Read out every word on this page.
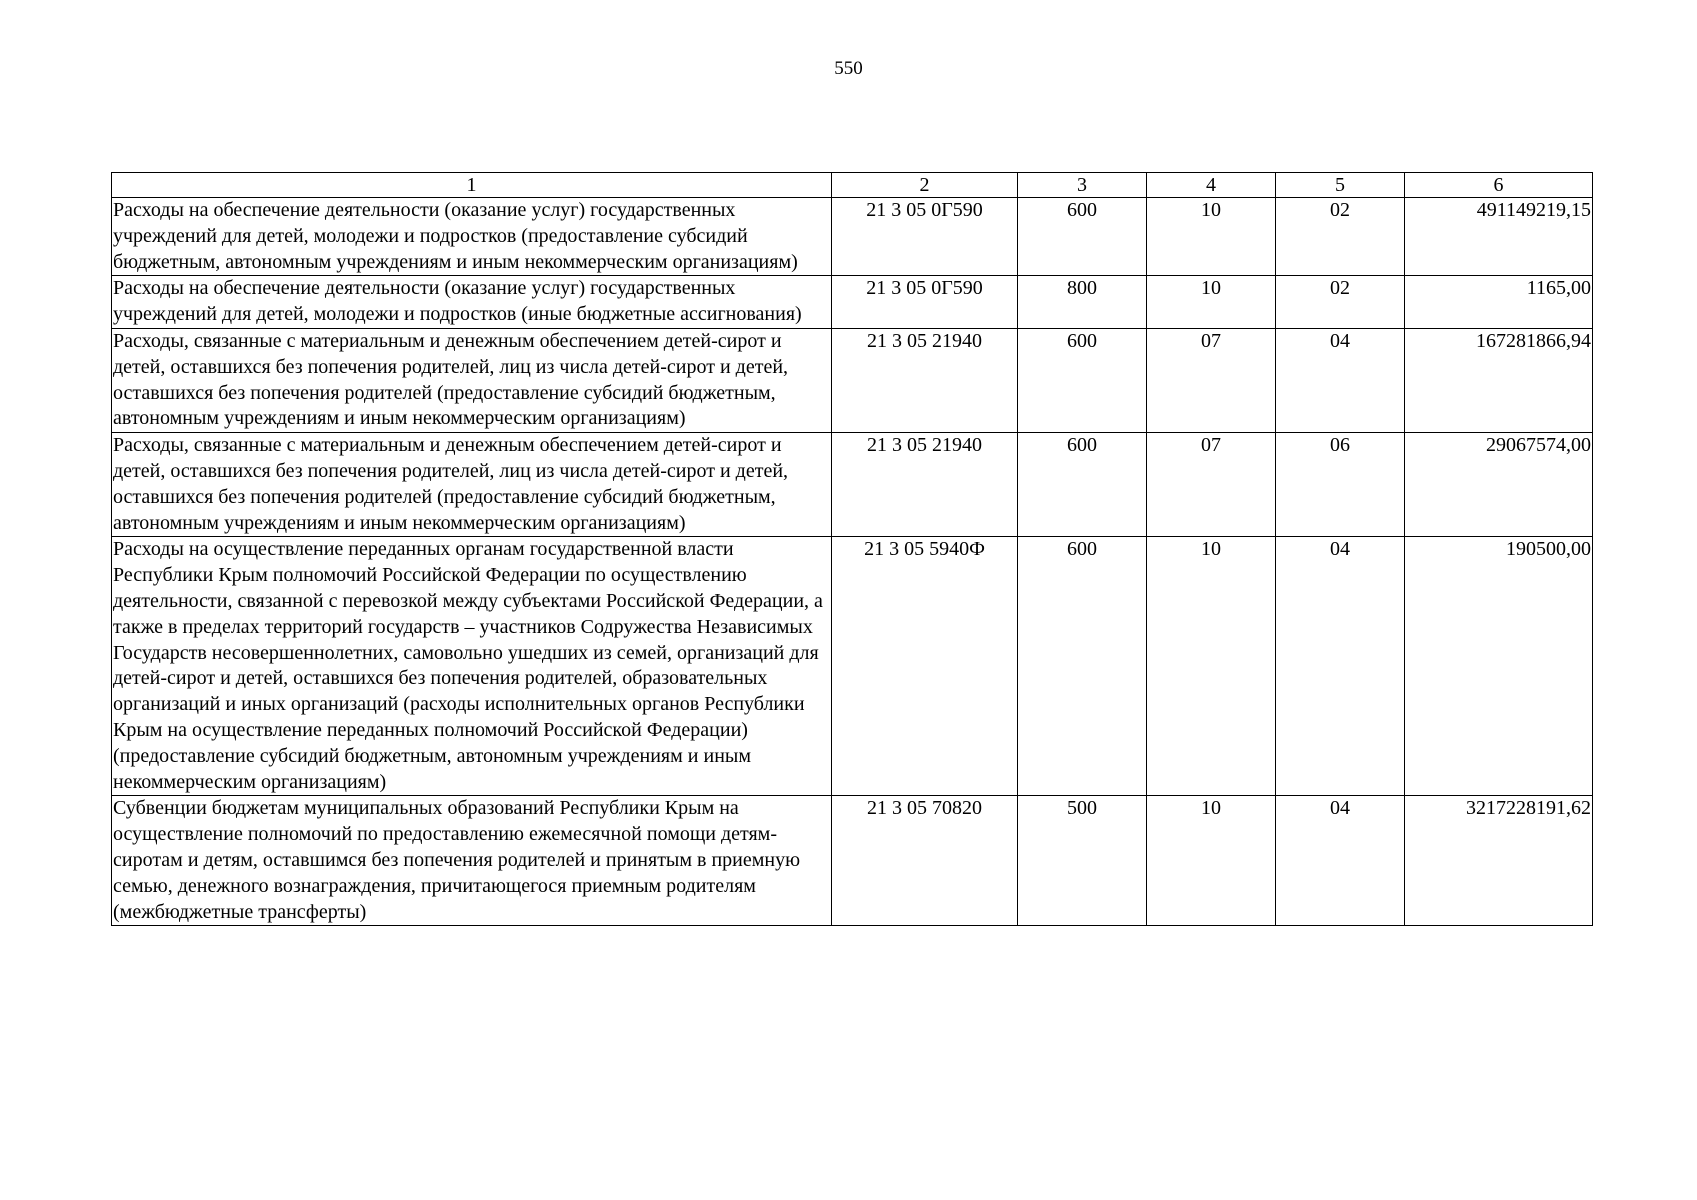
550
1	2	3	4	5	6
Расходы на обеспечение деятельности (оказание услуг) государственных учреждений для детей, молодежи и подростков (предоставление субсидий бюджетным, автономным учреждениям и иным некоммерческим организациям)	21 3 05 0Г590	600	10	02	491149219,15
Расходы на обеспечение деятельности (оказание услуг) государственных учреждений для детей, молодежи и подростков (иные бюджетные ассигнования)	21 3 05 0Г590	800	10	02	1165,00
Расходы, связанные с материальным и денежным обеспечением детей-сирот и детей, оставшихся без попечения родителей, лиц из числа детей-сирот и детей, оставшихся без попечения родителей (предоставление субсидий бюджетным, автономным учреждениям и иным некоммерческим организациям)	21 3 05 21940	600	07	04	167281866,94
Расходы, связанные с материальным и денежным обеспечением детей-сирот и детей, оставшихся без попечения родителей, лиц из числа детей-сирот и детей, оставшихся без попечения родителей (предоставление субсидий бюджетным, автономным учреждениям и иным некоммерческим организациям)	21 3 05 21940	600	07	06	29067574,00
Расходы на осуществление переданных органам государственной власти Республики Крым полномочий Российской Федерации по осуществлению деятельности, связанной с перевозкой между субъектами Российской Федерации, а также в пределах территорий государств – участников Содружества Независимых Государств несовершеннолетних, самовольно ушедших из семей, организаций для детей-сирот и детей, оставшихся без попечения родителей, образовательных организаций и иных организаций (расходы исполнительных органов Республики Крым на осуществление переданных полномочий Российской Федерации) (предоставление субсидий бюджетным, автономным учреждениям и иным некоммерческим организациям)	21 3 05 5940Ф	600	10	04	190500,00
Субвенции бюджетам муниципальных образований Республики Крым на осуществление полномочий по предоставлению ежемесячной помощи детям-сиротам и детям, оставшимся без попечения родителей и принятым в приемную семью, денежного вознаграждения, причитающегося приемным родителям (межбюджетные трансферты)	21 3 05 70820	500	10	04	3217228191,62
